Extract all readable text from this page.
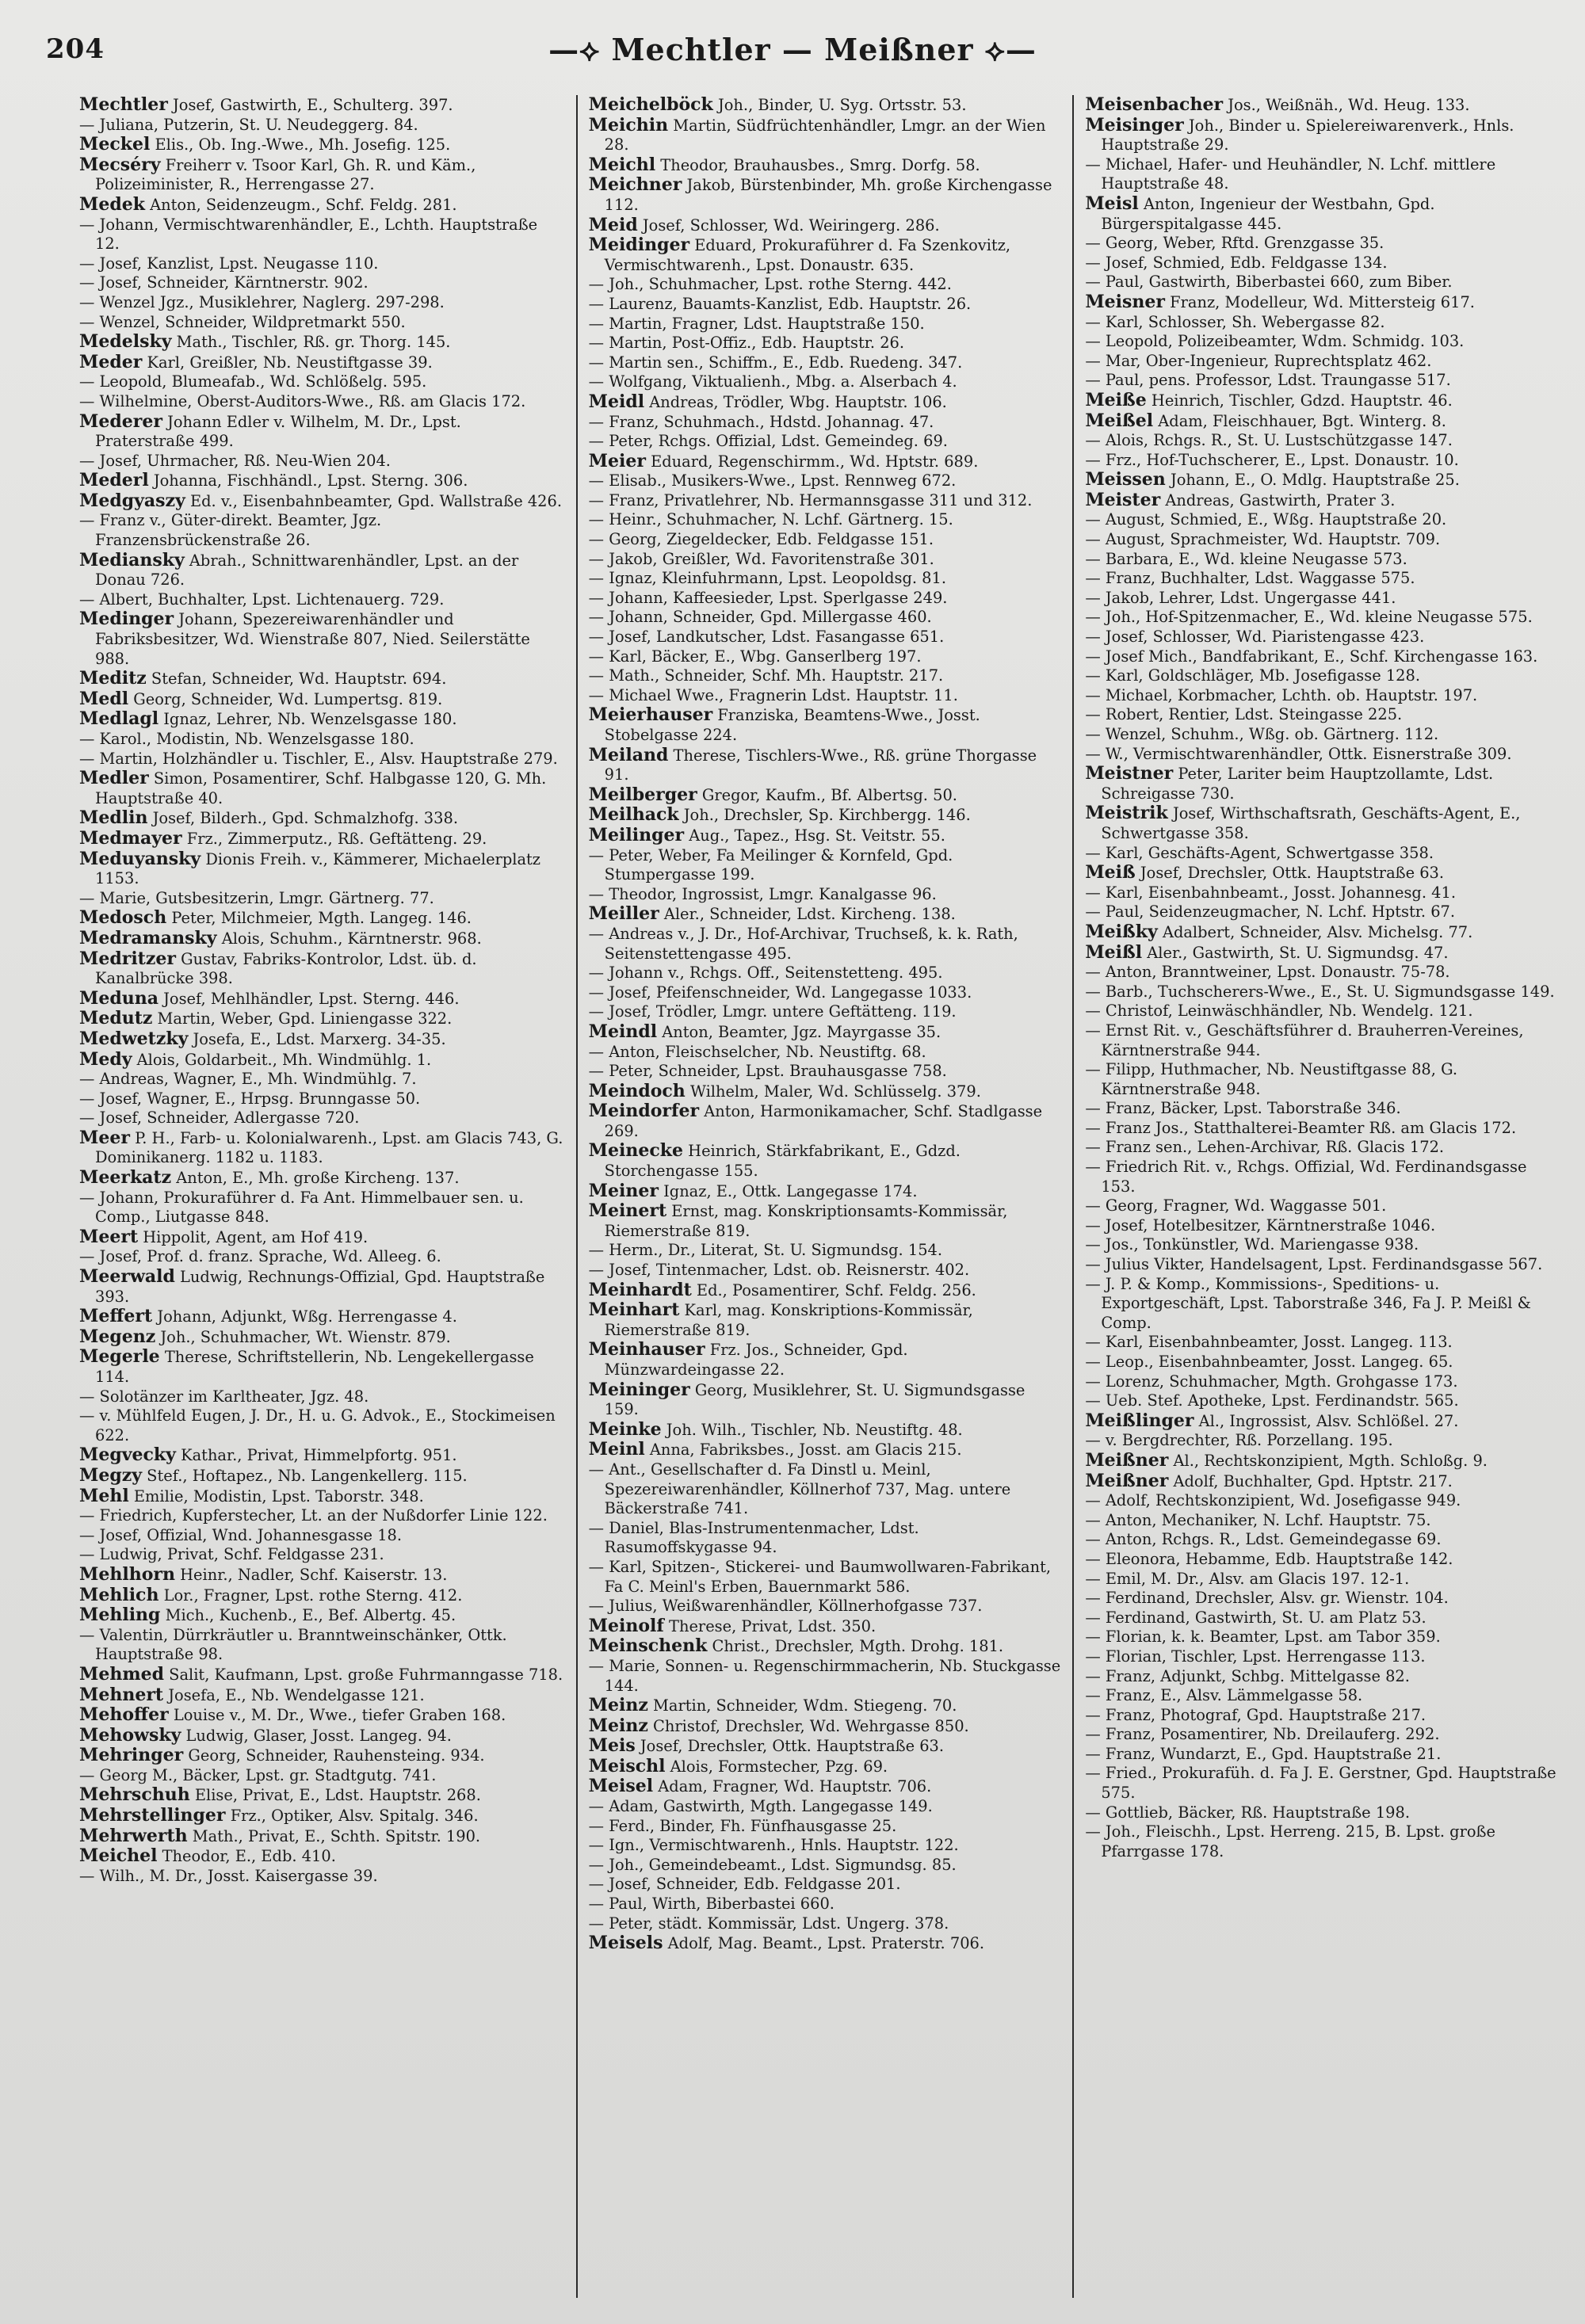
204	—⟡ Mechtler — Meißner ⟡—

Mechtler Josef, Gastwirth, E., Schulterg. 397.

— Juliana, Putzerin, St. U. Neudeggerg. 84.

Meckel Elis., Ob. Ing.-Wwe., Mh. Josefig. 125.

Mecséry Freiherr v. Tsoor Karl, Gh. R. und Käm., Polizeiminister, R., Herrengasse 27.

Medek Anton, Seidenzeugm., Schf. Feldg. 281.

— Johann, Vermischtwarenhändler, E., Lchth. Hauptstraße 12.

— Josef, Kanzlist, Lpst. Neugasse 110.

— Josef, Schneider, Kärntnerstr. 902.

— Wenzel Jgz., Musiklehrer, Naglerg. 297-298.

— Wenzel, Schneider, Wildpretmarkt 550.

Medelsky Math., Tischler, Rß. gr. Thorg. 145.

Meder Karl, Greißler, Nb. Neustiftgasse 39.

— Leopold, Blumeafab., Wd. Schlößelg. 595.

— Wilhelmine, Oberst-Auditors-Wwe., Rß. am Glacis 172.

Mederer Johann Edler v. Wilhelm, M. Dr., Lpst. Praterstraße 499.

— Josef, Uhrmacher, Rß. Neu-Wien 204.

Mederl Johanna, Fischhändl., Lpst. Sterng. 306.

Medgyaszy Ed. v., Eisenbahnbeamter, Gpd. Wallstraße 426.

— Franz v., Güter-direkt. Beamter, Jgz. Franzensbrückenstraße 26.

Mediansky Abrah., Schnittwarenhändler, Lpst. an der Donau 726.

— Albert, Buchhalter, Lpst. Lichtenauerg. 729.

Medinger Johann, Spezereiwarenhändler und Fabriksbesitzer, Wd. Wienstraße 807, Nied. Seilerstätte 988.

Meditz Stefan, Schneider, Wd. Hauptstr. 694.

Medl Georg, Schneider, Wd. Lumpertsg. 819.

Medlagl Ignaz, Lehrer, Nb. Wenzelsgasse 180.

— Karol., Modistin, Nb. Wenzelsgasse 180.

— Martin, Holzhändler u. Tischler, E., Alsv. Hauptstraße 279.

Medler Simon, Posamentirer, Schf. Halbgasse 120, G. Mh. Hauptstraße 40.

Medlin Josef, Bilderh., Gpd. Schmalzhofg. 338.

Medmayer Frz., Zimmerputz., Rß. Geftätteng. 29.

Meduyansky Dionis Freih. v., Kämmerer, Michaelerplatz 1153.

— Marie, Gutsbesitzerin, Lmgr. Gärtnerg. 77.

Medosch Peter, Milchmeier, Mgth. Langeg. 146.

Medramansky Alois, Schuhm., Kärntnerstr. 968.

Medritzer Gustav, Fabriks-Kontrolor, Ldst. üb. d. Kanalbrücke 398.

Meduna Josef, Mehlhändler, Lpst. Sterng. 446.

Medutz Martin, Weber, Gpd. Liniengasse 322.

Medwetzky Josefa, E., Ldst. Marxerg. 34-35.

Medy Alois, Goldarbeit., Mh. Windmühlg. 1.

— Andreas, Wagner, E., Mh. Windmühlg. 7.

— Josef, Wagner, E., Hrpsg. Brunngasse 50.

— Josef, Schneider, Adlergasse 720.

Meer P. H., Farb- u. Kolonialwarenh., Lpst. am Glacis 743, G. Dominikanerg. 1182 u. 1183.

Meerkatz Anton, E., Mh. große Kircheng. 137.

— Johann, Prokuraführer d. Fa Ant. Himmelbauer sen. u. Comp., Liutgasse 848.

Meert Hippolit, Agent, am Hof 419.

— Josef, Prof. d. franz. Sprache, Wd. Alleeg. 6.

Meerwald Ludwig, Rechnungs-Offizial, Gpd. Hauptstraße 393.

Meffert Johann, Adjunkt, Wßg. Herrengasse 4.

Megenz Joh., Schuhmacher, Wt. Wienstr. 879.

Megerle Therese, Schriftstellerin, Nb. Lengekellergasse 114.

— Solotänzer im Karltheater, Jgz. 48.

— v. Mühlfeld Eugen, J. Dr., H. u. G. Advok., E., Stockimeisen 622.

Megvecky Kathar., Privat, Himmelpfortg. 951.

Megzy Stef., Hoftapez., Nb. Langenkellerg. 115.

Mehl Emilie, Modistin, Lpst. Taborstr. 348.

— Friedrich, Kupferstecher, Lt. an der Nußdorfer Linie 122.

— Josef, Offizial, Wnd. Johannesgasse 18.

— Ludwig, Privat, Schf. Feldgasse 231.

Mehlhorn Heinr., Nadler, Schf. Kaiserstr. 13.

Mehlich Lor., Fragner, Lpst. rothe Sterng. 412.

Mehling Mich., Kuchenb., E., Bef. Albertg. 45.

— Valentin, Dürrkräutler u. Branntweinschänker, Ottk. Hauptstraße 98.

Mehmed Salit, Kaufmann, Lpst. große Fuhrmanngasse 718.

Mehnert Josefa, E., Nb. Wendelgasse 121.

Mehoffer Louise v., M. Dr., Wwe., tiefer Graben 168.

Mehowsky Ludwig, Glaser, Josst. Langeg. 94.

Mehringer Georg, Schneider, Rauhensteing. 934.

— Georg M., Bäcker, Lpst. gr. Stadtgutg. 741.

Mehrschuh Elise, Privat, E., Ldst. Hauptstr. 268.

Mehrstellinger Frz., Optiker, Alsv. Spitalg. 346.

Mehrwerth Math., Privat, E., Schth. Spitstr. 190.

Meichel Theodor, E., Edb. 410.

— Wilh., M. Dr., Josst. Kaisergasse 39.

Meichelböck Joh., Binder, U. Syg. Ortsstr. 53.

Meichin Martin, Südfrüchtenhändler, Lmgr. an der Wien 28.

Meichl Theodor, Brauhausbes., Smrg. Dorfg. 58.

Meichner Jakob, Bürstenbinder, Mh. große Kirchengasse 112.

Meid Josef, Schlosser, Wd. Weiringerg. 286.

Meidinger Eduard, Prokuraführer d. Fa Szenkovitz, Vermischtwarenh., Lpst. Donaustr. 635.

— Joh., Schuhmacher, Lpst. rothe Sterng. 442.

— Laurenz, Bauamts-Kanzlist, Edb. Hauptstr. 26.

— Martin, Fragner, Ldst. Hauptstraße 150.

— Martin, Post-Offiz., Edb. Hauptstr. 26.

— Martin sen., Schiffm., E., Edb. Ruedeng. 347.

— Wolfgang, Viktualienh., Mbg. a. Alserbach 4.

Meidl Andreas, Trödler, Wbg. Hauptstr. 106.

— Franz, Schuhmach., Hdstd. Johannag. 47.

— Peter, Rchgs. Offizial, Ldst. Gemeindeg. 69.

Meier Eduard, Regenschirmm., Wd. Hptstr. 689.

— Elisab., Musikers-Wwe., Lpst. Rennweg 672.

— Franz, Privatlehrer, Nb. Hermannsgasse 311 und 312.

— Heinr., Schuhmacher, N. Lchf. Gärtnerg. 15.

— Georg, Ziegeldecker, Edb. Feldgasse 151.

— Jakob, Greißler, Wd. Favoritenstraße 301.

— Ignaz, Kleinfuhrmann, Lpst. Leopoldsg. 81.

— Johann, Kaffeesieder, Lpst. Sperlgasse 249.

— Johann, Schneider, Gpd. Millergasse 460.

— Josef, Landkutscher, Ldst. Fasangasse 651.

— Karl, Bäcker, E., Wbg. Ganserlberg 197.

— Math., Schneider, Schf. Mh. Hauptstr. 217.

— Michael Wwe., Fragnerin Ldst. Hauptstr. 11.

Meierhauser Franziska, Beamtens-Wwe., Josst. Stobelgasse 224.

Meiland Therese, Tischlers-Wwe., Rß. grüne Thorgasse 91.

Meilberger Gregor, Kaufm., Bf. Albertsg. 50.

Meilhack Joh., Drechsler, Sp. Kirchbergg. 146.

Meilinger Aug., Tapez., Hsg. St. Veitstr. 55.

— Peter, Weber, Fa Meilinger & Kornfeld, Gpd. Stumpergasse 199.

— Theodor, Ingrossist, Lmgr. Kanalgasse 96.

Meiller Aler., Schneider, Ldst. Kircheng. 138.

— Andreas v., J. Dr., Hof-Archivar, Truchseß, k. k. Rath, Seitenstettengasse 495.

— Johann v., Rchgs. Off., Seitenstetteng. 495.

— Josef, Pfeifenschneider, Wd. Langegasse 1033.

— Josef, Trödler, Lmgr. untere Geftätteng. 119.

Meindl Anton, Beamter, Jgz. Mayrgasse 35.

— Anton, Fleischselcher, Nb. Neustiftg. 68.

— Peter, Schneider, Lpst. Brauhausgasse 758.

Meindoch Wilhelm, Maler, Wd. Schlüsselg. 379.

Meindorfer Anton, Harmonikamacher, Schf. Stadlgasse 269.

Meinecke Heinrich, Stärkfabrikant, E., Gdzd. Storchengasse 155.

Meiner Ignaz, E., Ottk. Langegasse 174.

Meinert Ernst, mag. Konskriptionsamts-Kommissär, Riemerstraße 819.

— Herm., Dr., Literat, St. U. Sigmundsg. 154.

— Josef, Tintenmacher, Ldst. ob. Reisnerstr. 402.

Meinhardt Ed., Posamentirer, Schf. Feldg. 256.

Meinhart Karl, mag. Konskriptions-Kommissär, Riemerstraße 819.

Meinhauser Frz. Jos., Schneider, Gpd. Münzwardeingasse 22.

Meininger Georg, Musiklehrer, St. U. Sigmundsgasse 159.

Meinke Joh. Wilh., Tischler, Nb. Neustiftg. 48.

Meinl Anna, Fabriksbes., Josst. am Glacis 215.

— Ant., Gesellschafter d. Fa Dinstl u. Meinl, Spezereiwarenhändler, Köllnerhof 737, Mag. untere Bäckerstraße 741.

— Daniel, Blas-Instrumentenmacher, Ldst. Rasumoffskygasse 94.

— Karl, Spitzen-, Stickerei- und Baumwollwaren-Fabrikant, Fa C. Meinl's Erben, Bauernmarkt 586.

— Julius, Weißwarenhändler, Köllnerhofgasse 737.

Meinolf Therese, Privat, Ldst. 350.

Meinschenk Christ., Drechsler, Mgth. Drohg. 181.

— Marie, Sonnen- u. Regenschirmmacherin, Nb. Stuckgasse 144.

Meinz Martin, Schneider, Wdm. Stiegeng. 70.

Meinz Christof, Drechsler, Wd. Wehrgasse 850.

Meis Josef, Drechsler, Ottk. Hauptstraße 63.

Meischl Alois, Formstecher, Pzg. 69.

Meisel Adam, Fragner, Wd. Hauptstr. 706.

— Adam, Gastwirth, Mgth. Langegasse 149.

— Ferd., Binder, Fh. Fünfhausgasse 25.

— Ign., Vermischtwarenh., Hnls. Hauptstr. 122.

— Joh., Gemeindebeamt., Ldst. Sigmundsg. 85.

— Josef, Schneider, Edb. Feldgasse 201.

— Paul, Wirth, Biberbastei 660.

— Peter, städt. Kommissär, Ldst. Ungerg. 378.

Meisels Adolf, Mag. Beamt., Lpst. Praterstr. 706.

Meisenbacher Jos., Weißnäh., Wd. Heug. 133.

Meisinger Joh., Binder u. Spielereiwarenverk., Hnls. Hauptstraße 29.

— Michael, Hafer- und Heuhändler, N. Lchf. mittlere Hauptstraße 48.

Meisl Anton, Ingenieur der Westbahn, Gpd. Bürgerspitalgasse 445.

— Georg, Weber, Rftd. Grenzgasse 35.

— Josef, Schmied, Edb. Feldgasse 134.

— Paul, Gastwirth, Biberbastei 660, zum Biber.

Meisner Franz, Modelleur, Wd. Mittersteig 617.

— Karl, Schlosser, Sh. Webergasse 82.

— Leopold, Polizeibeamter, Wdm. Schmidg. 103.

— Mar, Ober-Ingenieur, Ruprechtsplatz 462.

— Paul, pens. Professor, Ldst. Traungasse 517.

Meiße Heinrich, Tischler, Gdzd. Hauptstr. 46.

Meißel Adam, Fleischhauer, Bgt. Winterg. 8.

— Alois, Rchgs. R., St. U. Lustschützgasse 147.

— Frz., Hof-Tuchscherer, E., Lpst. Donaustr. 10.

Meissen Johann, E., O. Mdlg. Hauptstraße 25.

Meister Andreas, Gastwirth, Prater 3.

— August, Schmied, E., Wßg. Hauptstraße 20.

— August, Sprachmeister, Wd. Hauptstr. 709.

— Barbara, E., Wd. kleine Neugasse 573.

— Franz, Buchhalter, Ldst. Waggasse 575.

— Jakob, Lehrer, Ldst. Ungergasse 441.

— Joh., Hof-Spitzenmacher, E., Wd. kleine Neugasse 575.

— Josef, Schlosser, Wd. Piaristengasse 423.

— Josef Mich., Bandfabrikant, E., Schf. Kirchengasse 163.

— Karl, Goldschläger, Mb. Josefigasse 128.

— Michael, Korbmacher, Lchth. ob. Hauptstr. 197.

— Robert, Rentier, Ldst. Steingasse 225.

— Wenzel, Schuhm., Wßg. ob. Gärtnerg. 112.

— W., Vermischtwarenhändler, Ottk. Eisnerstraße 309.

Meistner Peter, Lariter beim Hauptzollamte, Ldst. Schreigasse 730.

Meistrik Josef, Wirthschaftsrath, Geschäfts-Agent, E., Schwertgasse 358.

— Karl, Geschäfts-Agent, Schwertgasse 358.

Meiß Josef, Drechsler, Ottk. Hauptstraße 63.

— Karl, Eisenbahnbeamt., Josst. Johannesg. 41.

— Paul, Seidenzeugmacher, N. Lchf. Hptstr. 67.

Meißky Adalbert, Schneider, Alsv. Michelsg. 77.

Meißl Aler., Gastwirth, St. U. Sigmundsg. 47.

— Anton, Branntweiner, Lpst. Donaustr. 75-78.

— Barb., Tuchscherers-Wwe., E., St. U. Sigmundsgasse 149.

— Christof, Leinwäschhändler, Nb. Wendelg. 121.

— Ernst Rit. v., Geschäftsführer d. Brauherren-Vereines, Kärntnerstraße 944.

— Filipp, Huthmacher, Nb. Neustiftgasse 88, G. Kärntnerstraße 948.

— Franz, Bäcker, Lpst. Taborstraße 346.

— Franz Jos., Statthalterei-Beamter Rß. am Glacis 172.

— Franz sen., Lehen-Archivar, Rß. Glacis 172.

— Friedrich Rit. v., Rchgs. Offizial, Wd. Ferdinandsgasse 153.

— Georg, Fragner, Wd. Waggasse 501.

— Josef, Hotelbesitzer, Kärntnerstraße 1046.

— Jos., Tonkünstler, Wd. Mariengasse 938.

— Julius Vikter, Handelsagent, Lpst. Ferdinandsgasse 567.

— J. P. & Komp., Kommissions-, Speditions- u. Exportgeschäft, Lpst. Taborstraße 346, Fa J. P. Meißl & Comp.

— Karl, Eisenbahnbeamter, Josst. Langeg. 113.

— Leop., Eisenbahnbeamter, Josst. Langeg. 65.

— Lorenz, Schuhmacher, Mgth. Grohgasse 173.

— Ueb. Stef. Apotheke, Lpst. Ferdinandstr. 565.

Meißlinger Al., Ingrossist, Alsv. Schlößel. 27.

— v. Bergdrechter, Rß. Porzellang. 195.

Meißner Al., Rechtskonzipient, Mgth. Schloßg. 9.

Meißner Adolf, Buchhalter, Gpd. Hptstr. 217.

— Adolf, Rechtskonzipient, Wd. Josefigasse 949.

— Anton, Mechaniker, N. Lchf. Hauptstr. 75.

— Anton, Rchgs. R., Ldst. Gemeindegasse 69.

— Eleonora, Hebamme, Edb. Hauptstraße 142.

— Emil, M. Dr., Alsv. am Glacis 197. 12-1.

— Ferdinand, Drechsler, Alsv. gr. Wienstr. 104.

— Ferdinand, Gastwirth, St. U. am Platz 53.

— Florian, k. k. Beamter, Lpst. am Tabor 359.

— Florian, Tischler, Lpst. Herrengasse 113.

— Franz, Adjunkt, Schbg. Mittelgasse 82.

— Franz, E., Alsv. Lämmelgasse 58.

— Franz, Photograf, Gpd. Hauptstraße 217.

— Franz, Posamentirer, Nb. Dreilauferg. 292.

— Franz, Wundarzt, E., Gpd. Hauptstraße 21.

— Fried., Prokurafüh. d. Fa J. E. Gerstner, Gpd. Hauptstraße 575.

— Gottlieb, Bäcker, Rß. Hauptstraße 198.

— Joh., Fleischh., Lpst. Herreng. 215, B. Lpst. große Pfarrgasse 178.
